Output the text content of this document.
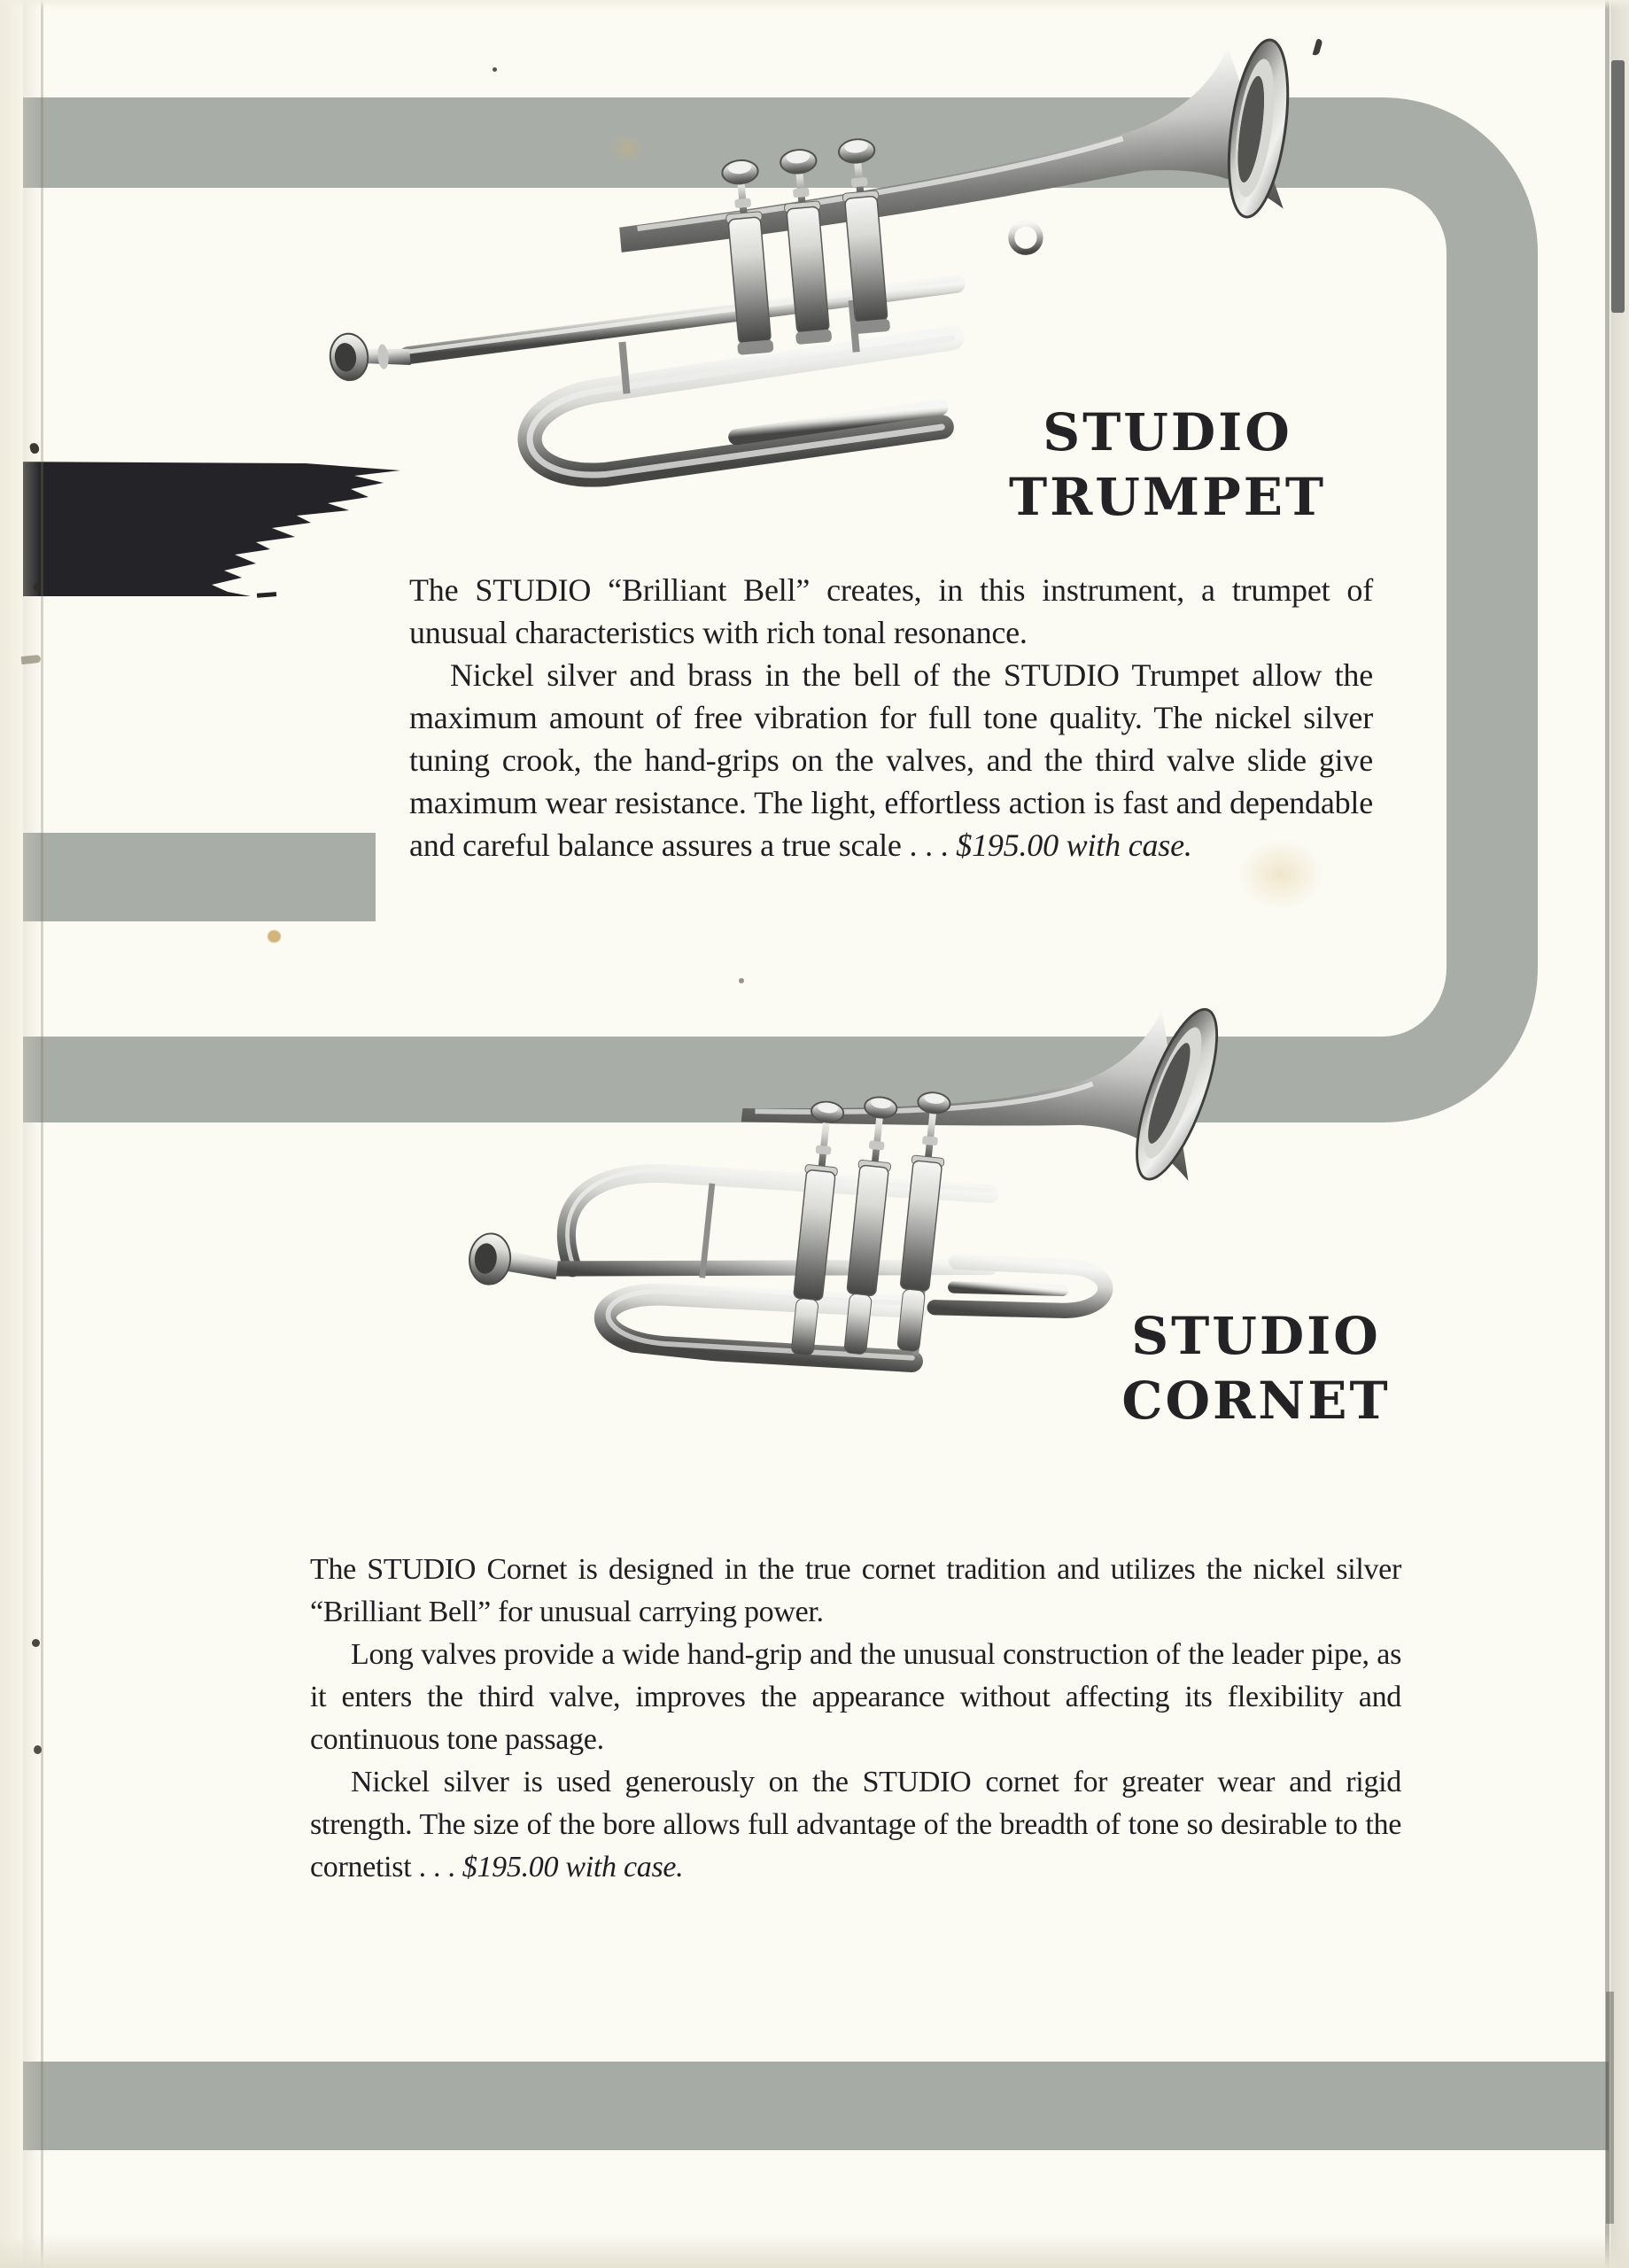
STUDIO
TRUMPET
STUDIO
CORNET

The STUDIO “Brilliant Bell” creates, in this instrument, a trumpet of unusual characteristics with rich tonal resonance.

Nickel silver and brass in the bell of the STUDIO Trumpet allow the maximum amount of free vibration for full tone quality. The nickel silver tuning crook, the hand-grips on the valves, and the third valve slide give maximum wear resistance. The light, effortless action is fast and dependable and careful balance assures a true scale . . . $195.00 with case.

The STUDIO Cornet is designed in the true cornet tradition and utilizes the nickel silver “Brilliant Bell” for unusual carrying power.

Long valves provide a wide hand-grip and the unusual construction of the leader pipe, as it enters the third valve, improves the appearance without affecting its flexibility and continuous tone passage.

Nickel silver is used generously on the STUDIO cornet for greater wear and rigid strength. The size of the bore allows full advantage of the breadth of tone so desirable to the cornetist . . . $195.00 with case.
